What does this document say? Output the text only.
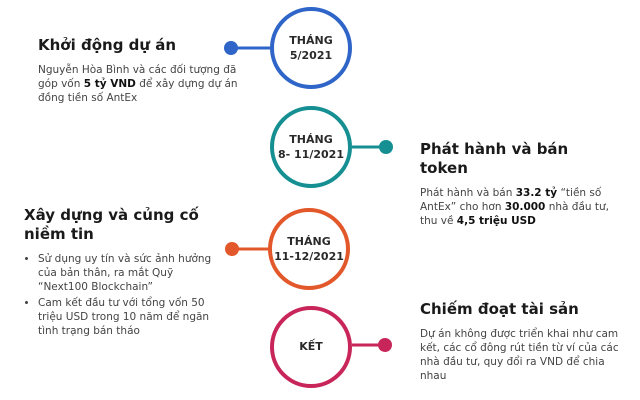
THÁNG
5/2021
THÁNG
8- 11/2021
THÁNG
11-12/2021
KẾT
Khởi động dự án

Nguyễn Hòa Bình và các đối tượng đã góp vốn 5 tỷ VND để xây dựng dự án đồng tiền số AntEx

Phát hành và bán token

Phát hành và bán 33.2 tỷ “tiền số AntEx” cho hơn 30.000 nhà đầu tư, thu về 4,5 triệu USD

Xây dựng và củng cố niềm tin
• Sử dụng uy tín và sức ảnh hưởng của bản thân, ra mắt Quỹ “Next100 Blockchain”
• Cam kết đầu tư với tổng vốn 50 triệu USD trong 10 năm để ngăn tình trạng bán tháo
Chiếm đoạt tài sản

Dự án không được triển khai như cam kết, các cổ đông rút tiền từ ví của các nhà đầu tư, quy đổi ra VND để chia nhau
